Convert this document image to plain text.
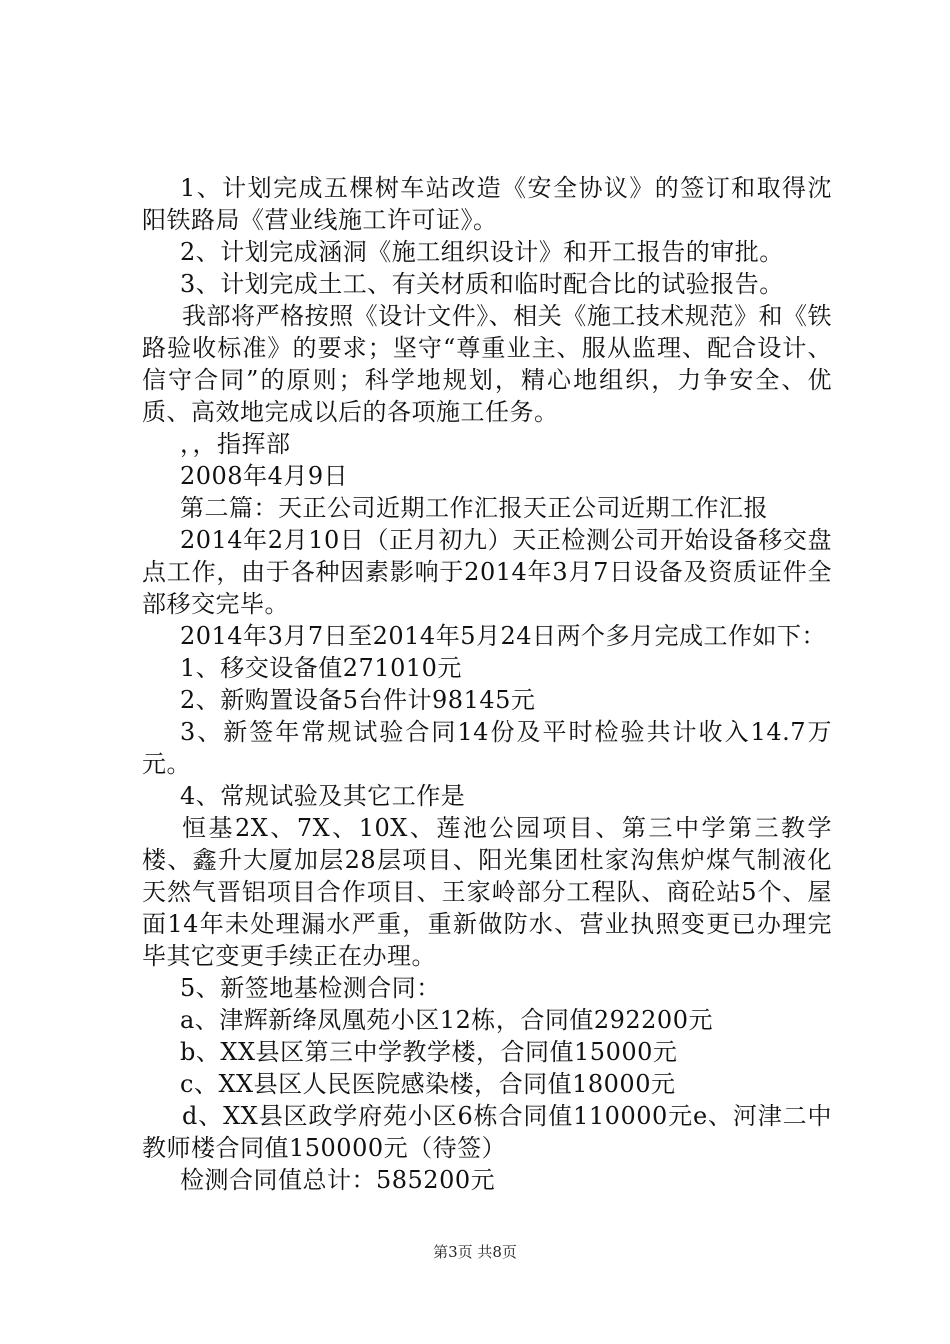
1、计划完成五棵树车站改造《安全协议》的签订和取得沈阳铁路局《营业线施工许可证》。

2、计划完成涵洞《施工组织设计》和开工报告的审批。

3、计划完成土工、有关材质和临时配合比的试验报告。

我部将严格按照《设计文件》、相关《施工技术规范》和《铁路验收标准》的要求；坚守“尊重业主、服从监理、配合设计、信守合同”的原则；科学地规划，精心地组织，力争安全、优质、高效地完成以后的各项施工任务。

，，指挥部

2008年4月9日

第二篇：天正公司近期工作汇报天正公司近期工作汇报

2014年2月10日（正月初九）天正检测公司开始设备移交盘点工作，由于各种因素影响于2014年3月7日设备及资质证件全部移交完毕。

2014年3月7日至2014年5月24日两个多月完成工作如下：

1、移交设备值271010元

2、新购置设备5台件计98145元

3、新签年常规试验合同14份及平时检验共计收入14.7万元。

4、常规试验及其它工作是

恒基2X、7X、10X、莲池公园项目、第三中学第三教学楼、鑫升大厦加层28层项目、阳光集团杜家沟焦炉煤气制液化天然气晋铝项目合作项目、王家岭部分工程队、商砼站5个、屋面14年未处理漏水严重，重新做防水、营业执照变更已办理完毕其它变更手续正在办理。

5、新签地基检测合同：

a、津辉新绛凤凰苑小区12栋，合同值292200元

b、XX县区第三中学教学楼，合同值15000元

c、XX县区人民医院感染楼，合同值18000元

d、XX县区政学府苑小区6栋合同值110000元e、河津二中教师楼合同值150000元（待签）

检测合同值总计：585200元

第3页 共8页
